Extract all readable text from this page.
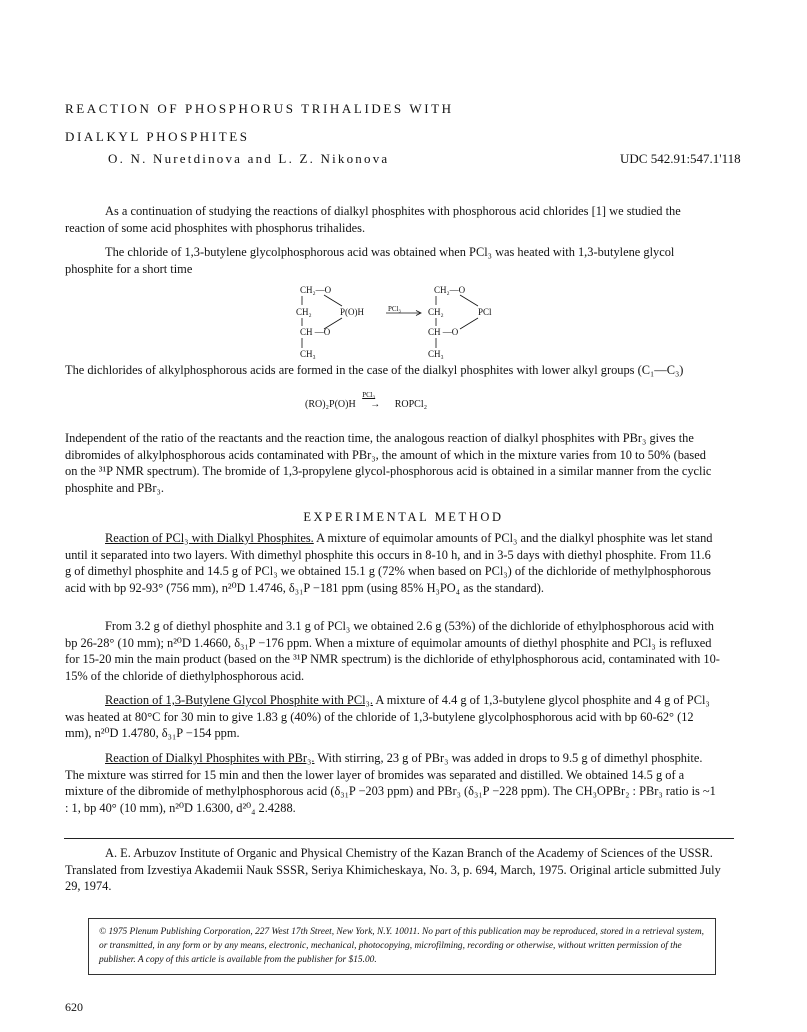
REACTION OF PHOSPHORUS TRIHALIDES WITH
DIALKYL PHOSPHITES
O. N. Nuretdinova and L. Z. Nikonova	UDC 542.91:547.1'118

As a continuation of studying the reactions of dialkyl phosphites with phosphorous acid chlorides [1] we studied the reaction of some acid phosphites with phosphorus trihalides.

The chloride of 1,3-butylene glycolphosphorous acid was obtained when PCl₃ was heated with 1,3-butylene glycol phosphite for a short time

CH₂—O
CH₂	P(O)H
CH —O
CH₃
PCl₃
CH₂—O
CH₂	PCl
CH —O
CH₃

The dichlorides of alkylphosphorous acids are formed in the case of the dialkyl phosphites with lower alkyl groups (C₁—C₃)

(RO)₂P(O)H
PCl₃
→ ROPCl₂

Independent of the ratio of the reactants and the reaction time, the analogous reaction of dialkyl phosphites with PBr₃ gives the dibromides of alkylphosphorous acids contaminated with PBr₃, the amount of which in the mixture varies from 10 to 50% (based on the ³¹P NMR spectrum). The bromide of 1,3-propylene glycol-phosphorous acid is obtained in a similar manner from the cyclic phosphite and PBr₃.

EXPERIMENTAL METHOD

Reaction of PCl₃ with Dialkyl Phosphites. A mixture of equimolar amounts of PCl₃ and the dialkyl phosphite was let stand until it separated into two layers. With dimethyl phosphite this occurs in 8-10 h, and in 3-5 days with diethyl phosphite. From 11.6 g of dimethyl phosphite and 14.5 g of PCl₃ we obtained 15.1 g (72% when based on PCl₃) of the dichloride of methylphosphorous acid with bp 92-93° (756 mm), n²⁰D 1.4746, δ₃₁P −181 ppm (using 85% H₃PO₄ as the standard).

From 3.2 g of diethyl phosphite and 3.1 g of PCl₃ we obtained 2.6 g (53%) of the dichloride of ethylphosphorous acid with bp 26-28° (10 mm); n²⁰D 1.4660, δ₃₁P −176 ppm. When a mixture of equimolar amounts of diethyl phosphite and PCl₃ is refluxed for 15-20 min the main product (based on the ³¹P NMR spectrum) is the dichloride of ethylphosphorous acid, contaminated with 10-15% of the chloride of diethylphosphorous acid.

Reaction of 1,3-Butylene Glycol Phosphite with PCl₃. A mixture of 4.4 g of 1,3-butylene glycol phosphite and 4 g of PCl₃ was heated at 80°C for 30 min to give 1.83 g (40%) of the chloride of 1,3-butylene glycolphosphorous acid with bp 60-62° (12 mm), n²⁰D 1.4780, δ₃₁P −154 ppm.

Reaction of Dialkyl Phosphites with PBr₃. With stirring, 23 g of PBr₃ was added in drops to 9.5 g of dimethyl phosphite. The mixture was stirred for 15 min and then the lower layer of bromides was separated and distilled. We obtained 14.5 g of a mixture of the dibromide of methylphosphorous acid (δ₃₁P −203 ppm) and PBr₃ (δ₃₁P −228 ppm). The CH₃OPBr₂ : PBr₃ ratio is ~1 : 1, bp 40° (10 mm), n²⁰D 1.6300, d²⁰₄ 2.4288.

A. E. Arbuzov Institute of Organic and Physical Chemistry of the Kazan Branch of the Academy of Sciences of the USSR. Translated from Izvestiya Akademii Nauk SSSR, Seriya Khimicheskaya, No. 3, p. 694, March, 1975. Original article submitted July 29, 1974.

© 1975 Plenum Publishing Corporation, 227 West 17th Street, New York, N.Y. 10011. No part of this publication may be reproduced, stored in a retrieval system, or transmitted, in any form or by any means, electronic, mechanical, photocopying, microfilming, recording or otherwise, without written permission of the publisher. A copy of this article is available from the publisher for $15.00.
620
